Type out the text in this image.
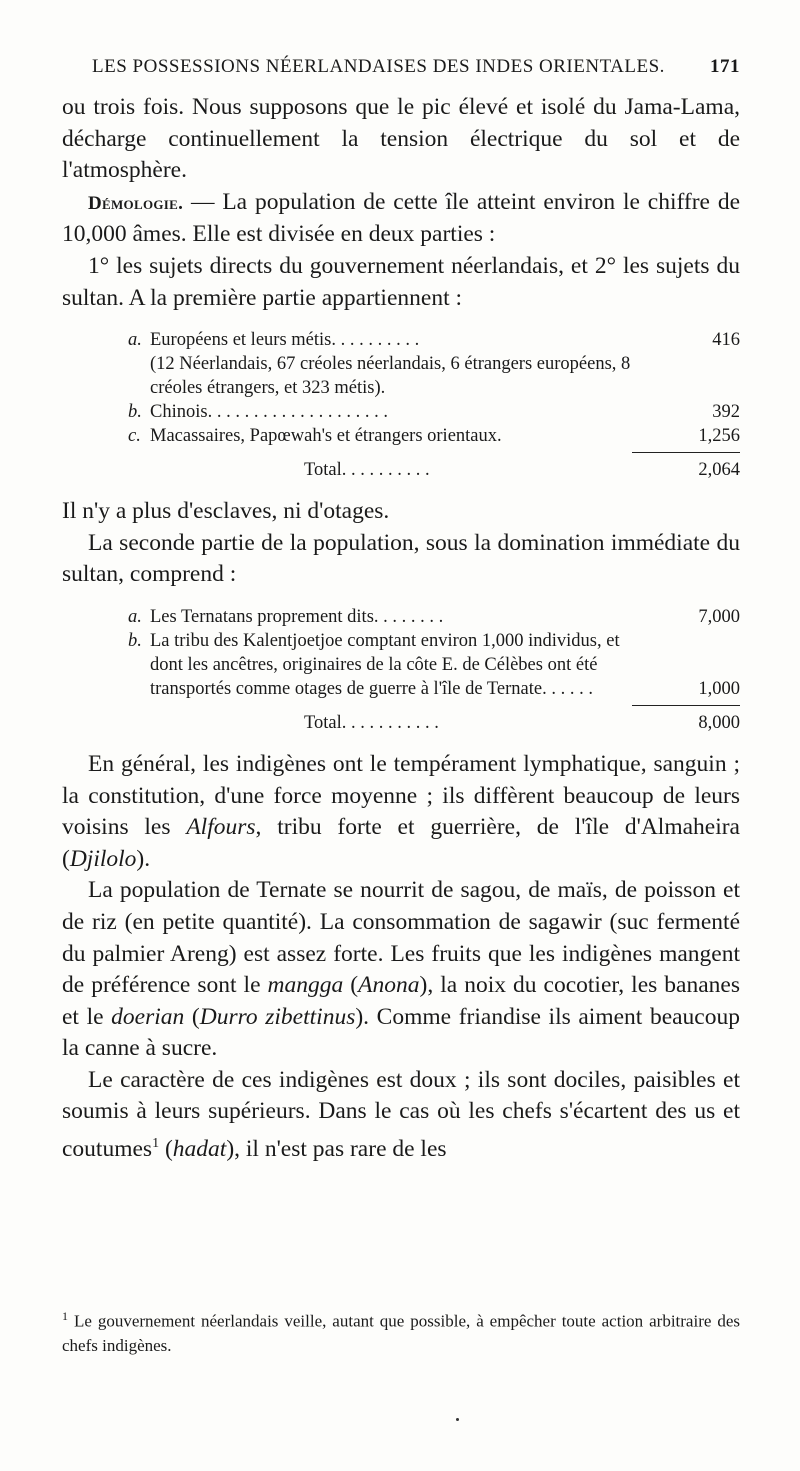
LES POSSESSIONS NÉERLANDAISES DES INDES ORIENTALES. 171

ou trois fois. Nous supposons que le pic élevé et isolé du Jama-Lama, décharge continuellement la tension électrique du sol et de l'atmosphère.

Démologie. — La population de cette île atteint environ le chiffre de 10,000 âmes. Elle est divisée en deux parties :

1° les sujets directs du gouvernement néerlandais, et 2° les sujets du sultan. A la première partie appartiennent :

a. Européens et leurs métis. . . . . . . . . .	416
(12 Néerlandais, 67 créoles néerlandais, 6 étrangers européens, 8 créoles étrangers, et 323 métis).
b. Chinois. . . . . . . . . . . . . . . . . . . .	392
c. Macassaires, Papœwah's et étrangers orientaux.	1,256
Total. . . . . . . . . .	2,064

Il n'y a plus d'esclaves, ni d'otages.

La seconde partie de la population, sous la domination immédiate du sultan, comprend :

a. Les Ternatans proprement dits. . . . . . . .	7,000
b. La tribu des Kalentjoetjoe comptant environ 1,000 individus, et dont les ancêtres, originaires de la côte E. de Célèbes ont été transportés comme otages de guerre à l'île de Ternate. . . . . .	1,000
Total. . . . . . . . . . .	8,000

En général, les indigènes ont le tempérament lymphatique, sanguin ; la constitution, d'une force moyenne ; ils diffèrent beaucoup de leurs voisins les Alfours, tribu forte et guerrière, de l'île d'Almaheira (Djilolo).

La population de Ternate se nourrit de sagou, de maïs, de poisson et de riz (en petite quantité). La consommation de sagawir (suc fermenté du palmier Areng) est assez forte. Les fruits que les indigènes mangent de préférence sont le mangga (Anona), la noix du cocotier, les bananes et le doerian (Durro zibettinus). Comme friandise ils aiment beaucoup la canne à sucre.

Le caractère de ces indigènes est doux ; ils sont dociles, paisibles et soumis à leurs supérieurs. Dans le cas où les chefs s'écartent des us et coutumes$^1$ (hadat), il n'est pas rare de les

$^1$ Le gouvernement néerlandais veille, autant que possible, à empêcher toute action arbitraire des chefs indigènes.
